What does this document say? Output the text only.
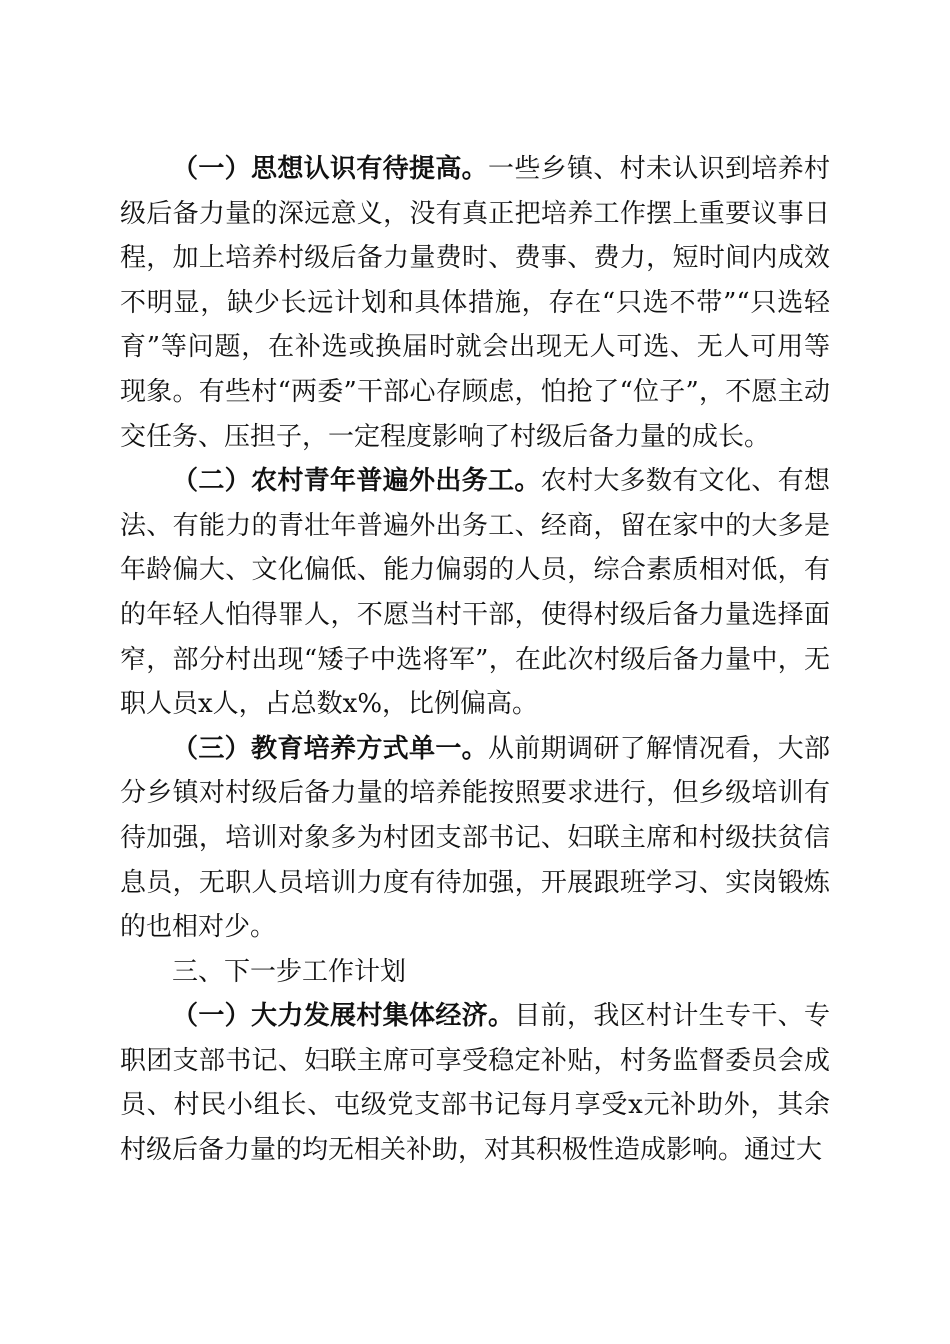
（一）思想认识有待提高。一些乡镇、村未认识到培养村级后备力量的深远意义，没有真正把培养工作摆上重要议事日程，加上培养村级后备力量费时、费事、费力，短时间内成效不明显，缺少长远计划和具体措施，存在“只选不带”“只选轻育”等问题，在补选或换届时就会出现无人可选、无人可用等现象。有些村“两委”干部心存顾虑，怕抢了“位子”，不愿主动交任务、压担子，一定程度影响了村级后备力量的成长。

（二）农村青年普遍外出务工。农村大多数有文化、有想法、有能力的青壮年普遍外出务工、经商，留在家中的大多是年龄偏大、文化偏低、能力偏弱的人员，综合素质相对低，有的年轻人怕得罪人，不愿当村干部，使得村级后备力量选择面窄，部分村出现“矮子中选将军”，在此次村级后备力量中，无职人员x人，占总数x%，比例偏高。

（三）教育培养方式单一。从前期调研了解情况看，大部分乡镇对村级后备力量的培养能按照要求进行，但乡级培训有待加强，培训对象多为村团支部书记、妇联主席和村级扶贫信息员，无职人员培训力度有待加强，开展跟班学习、实岗锻炼的也相对少。

三、下一步工作计划

（一）大力发展村集体经济。目前，我区村计生专干、专职团支部书记、妇联主席可享受稳定补贴，村务监督委员会成员、村民小组长、屯级党支部书记每月享受x元补助外，其余村级后备力量的均无相关补助，对其积极性造成影响。通过大
